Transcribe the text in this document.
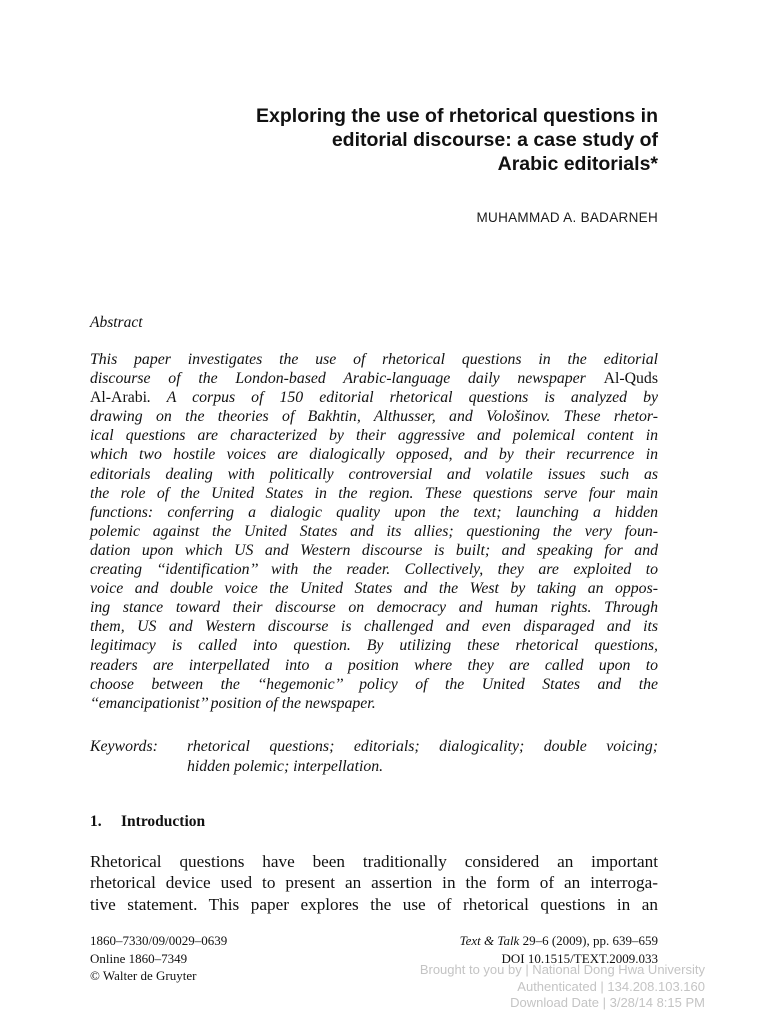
Exploring the use of rhetorical questions in
editorial discourse: a case study of
Arabic editorials*
MUHAMMAD A. BADARNEH
Abstract
This paper investigates the use of rhetorical questions in the editorial
discourse of the London-based Arabic-language daily newspaper Al-Quds
Al-Arabi. A corpus of 150 editorial rhetorical questions is analyzed by
drawing on the theories of Bakhtin, Althusser, and Vološinov. These rhetor-
ical questions are characterized by their aggressive and polemical content in
which two hostile voices are dialogically opposed, and by their recurrence in
editorials dealing with politically controversial and volatile issues such as
the role of the United States in the region. These questions serve four main
functions: conferring a dialogic quality upon the text; launching a hidden
polemic against the United States and its allies; questioning the very foun-
dation upon which US and Western discourse is built; and speaking for and
creating ‘‘identification’’ with the reader. Collectively, they are exploited to
voice and double voice the United States and the West by taking an oppos-
ing stance toward their discourse on democracy and human rights. Through
them, US and Western discourse is challenged and even disparaged and its
legitimacy is called into question. By utilizing these rhetorical questions,
readers are interpellated into a position where they are called upon to
choose between the ‘‘hegemonic’’ policy of the United States and the
‘‘emancipationist’’ position of the newspaper.
Keywords: rhetorical questions; editorials; dialogicality; double voicing;
hidden polemic; interpellation.
1. Introduction
Rhetorical questions have been traditionally considered an important
rhetorical device used to present an assertion in the form of an interroga-
tive statement. This paper explores the use of rhetorical questions in an
1860–7330/09/0029–0639
Online 1860–7349
© Walter de Gruyter
Text & Talk 29–6 (2009), pp. 639–659
DOI 10.1515/TEXT.2009.033
Brought to you by | National Dong Hwa University
Authenticated | 134.208.103.160
Download Date | 3/28/14 8:15 PM
